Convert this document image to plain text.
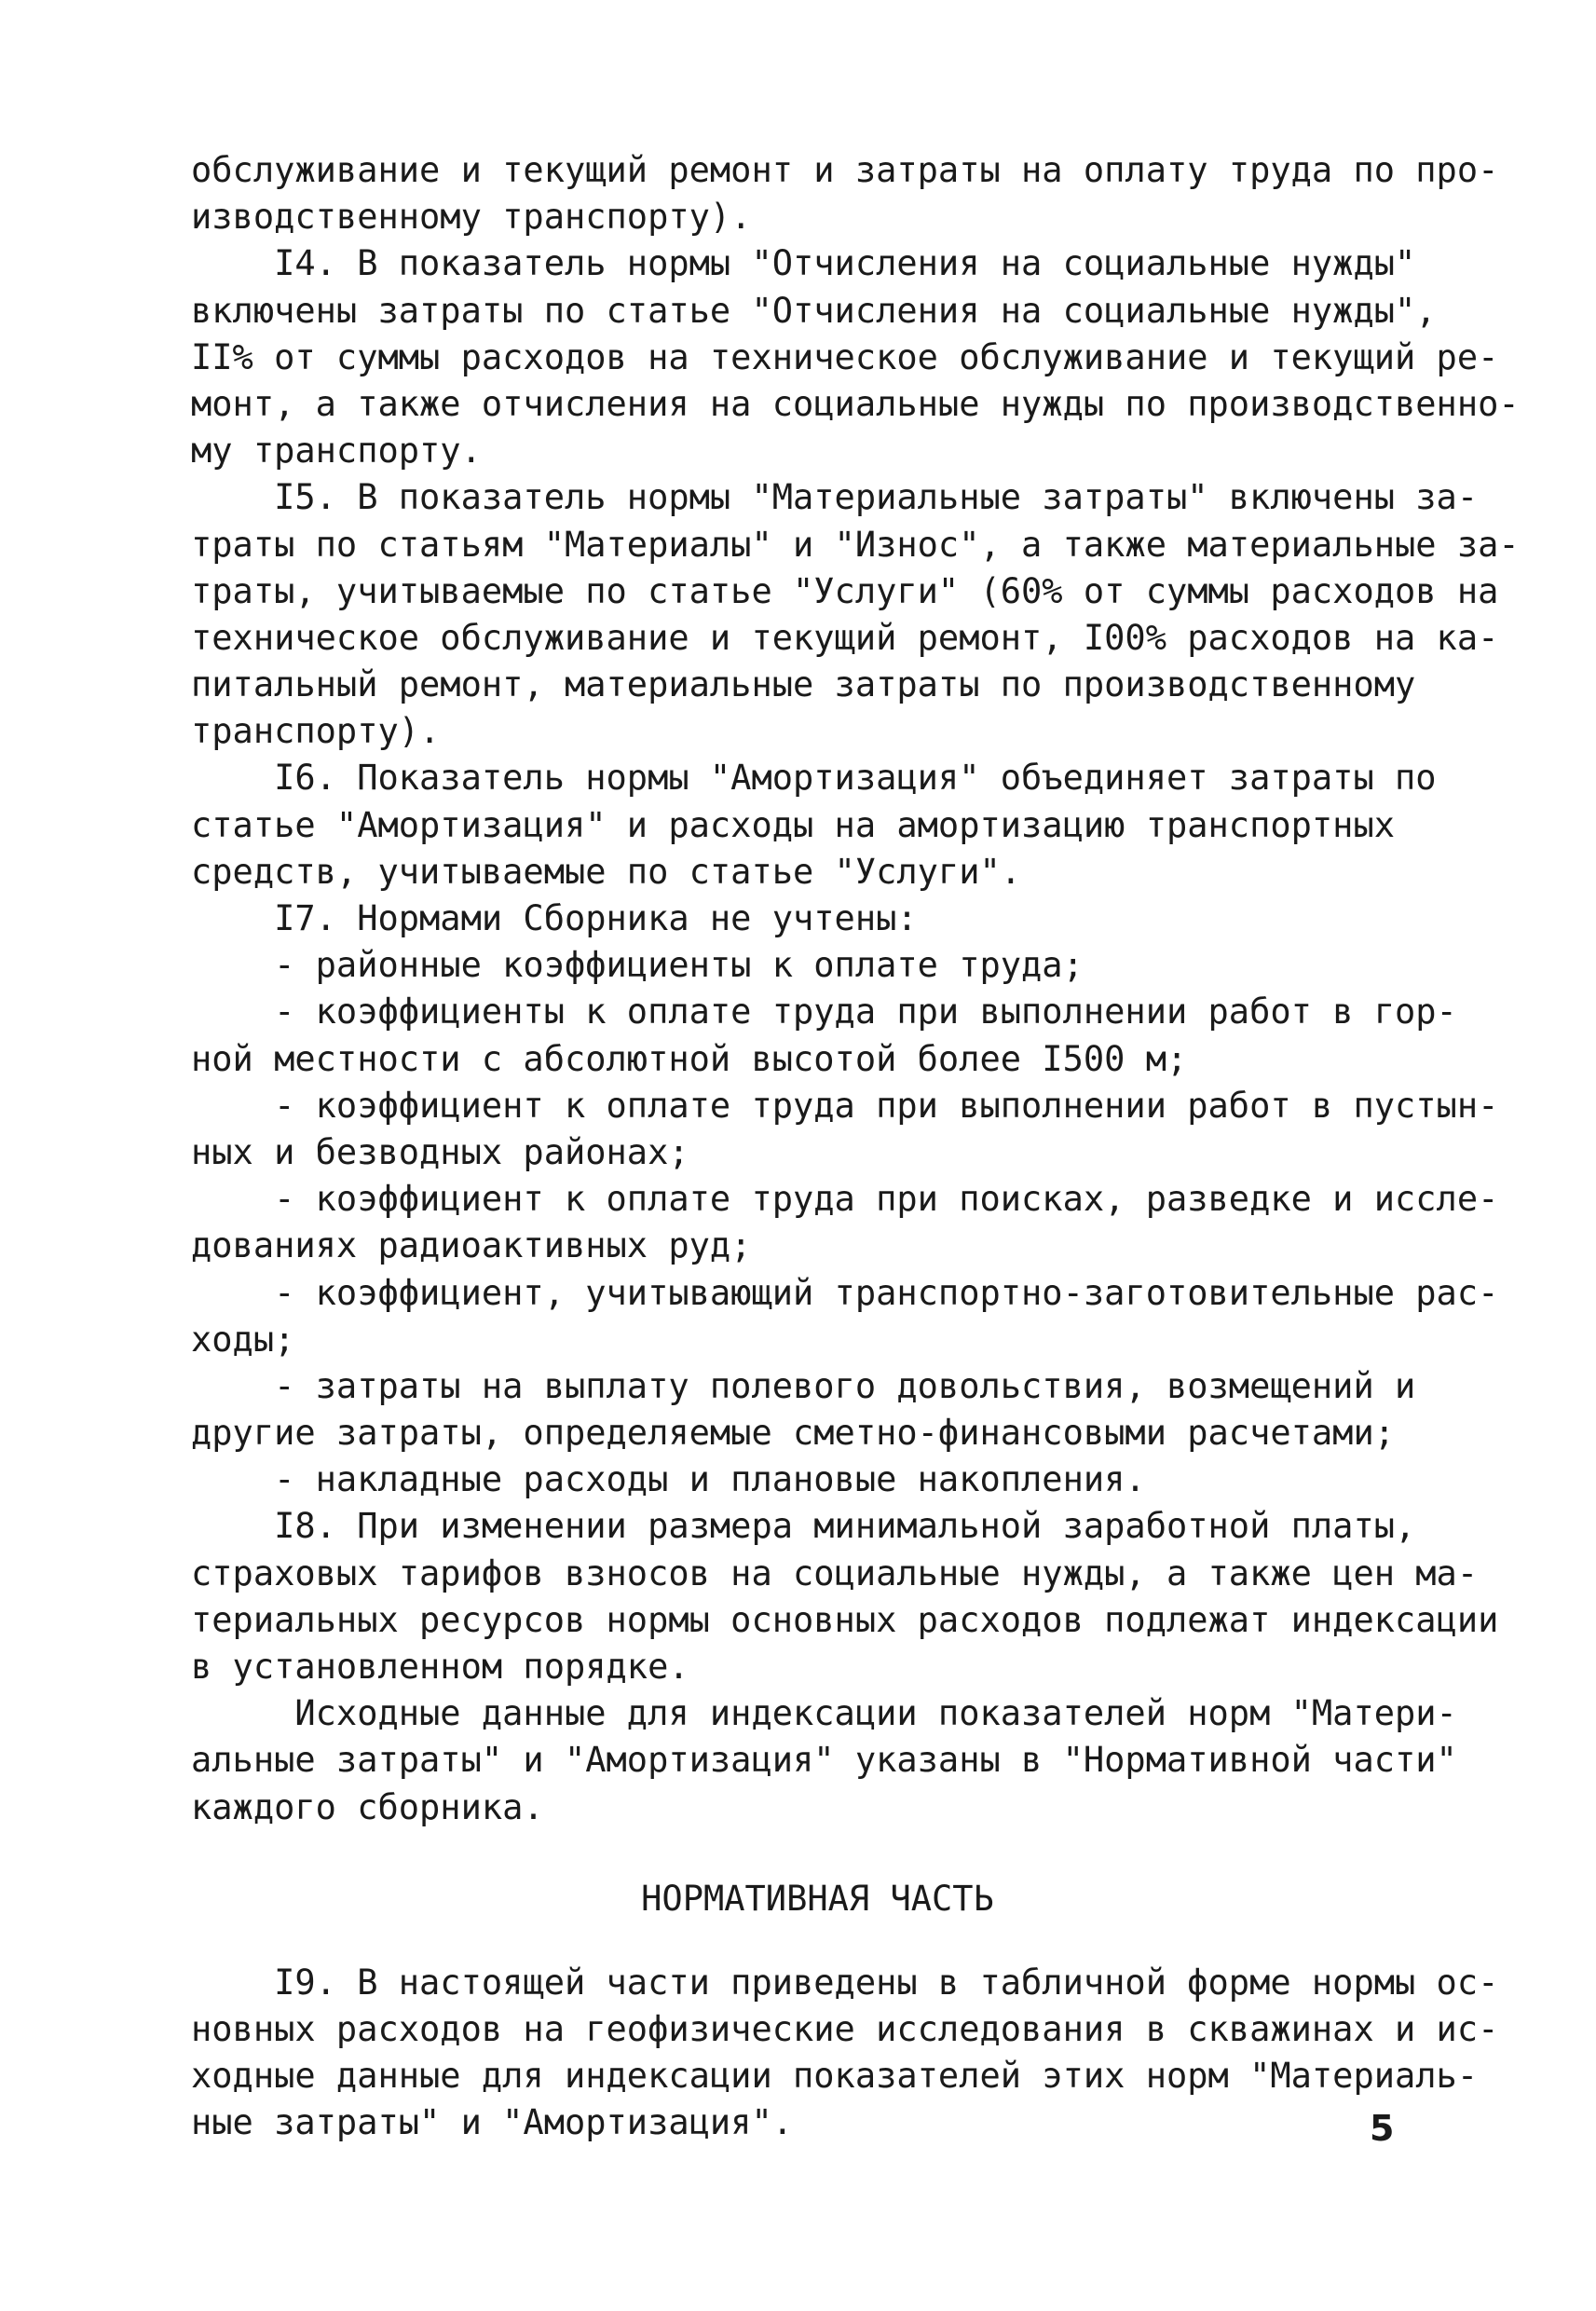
обслуживание и текущий ремонт и затраты на оплату труда по про-
изводственному транспорту).
I4. В показатель нормы "Отчисления на социальные нужды"
включены затраты по статье "Отчисления на социальные нужды",
II% от суммы расходов на техническое обслуживание и текущий ре-
монт, а также отчисления на социальные нужды по производственно-
му транспорту.
I5. В показатель нормы "Материальные затраты" включены за-
траты по статьям "Материалы" и "Износ", а также материальные за-
траты, учитываемые по статье "Услуги" (60% от суммы расходов на
техническое обслуживание и текущий ремонт, I00% расходов на ка-
питальный ремонт, материальные затраты по производственному
транспорту).
I6. Показатель нормы "Амортизация" объединяет затраты по
статье "Амортизация" и расходы на амортизацию транспортных
средств, учитываемые по статье "Услуги".
I7. Нормами Сборника не учтены:
- районные коэффициенты к оплате труда;
- коэффициенты к оплате труда при выполнении работ в гор-
ной местности с абсолютной высотой более I500 м;
- коэффициент к оплате труда при выполнении работ в пустын-
ных и безводных районах;
- коэффициент к оплате труда при поисках, разведке и иссле-
дованиях радиоактивных руд;
- коэффициент, учитывающий транспортно-заготовительные рас-
ходы;
- затраты на выплату полевого довольствия, возмещений и
другие затраты, определяемые сметно-финансовыми расчетами;
- накладные расходы и плановые накопления.
I8. При изменении размера минимальной заработной платы,
страховых тарифов взносов на социальные нужды, а также цен ма-
териальных ресурсов нормы основных расходов подлежат индексации
в установленном порядке.
Исходные данные для индексации показателей норм "Матери-
альные затраты" и "Амортизация" указаны в "Нормативной части"
каждого сборника.
НОРМАТИВНАЯ ЧАСТЬ
I9. В настоящей части приведены в табличной форме нормы ос-
новных расходов на геофизические исследования в скважинах и ис-
ходные данные для индексации показателей этих норм "Материаль-
ные затраты" и "Амортизация".	5
